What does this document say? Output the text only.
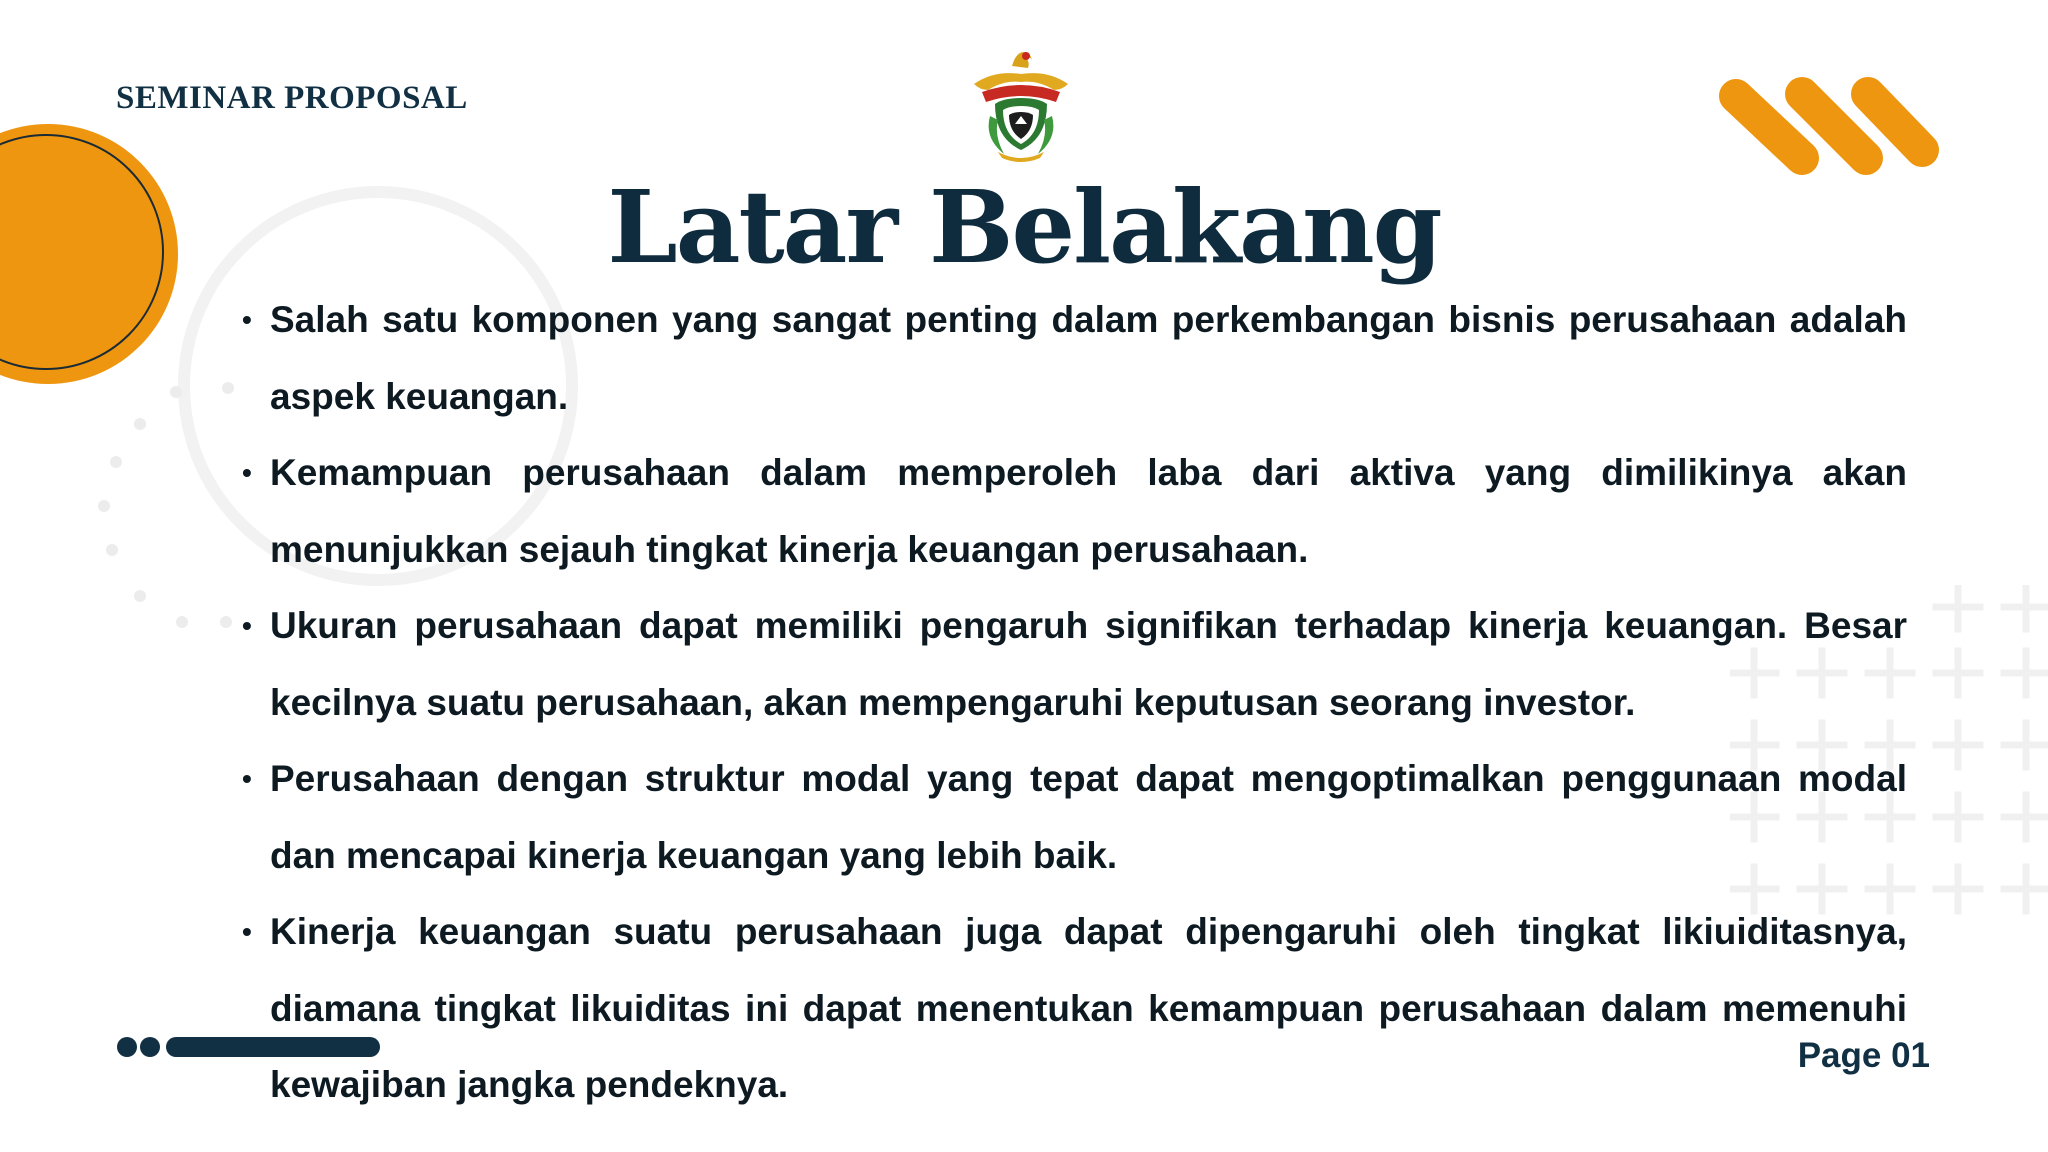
SEMINAR PROPOSAL
Latar Belakang
• Salah satu komponen yang sangat penting dalam perkembangan bisnis perusahaan adalah aspek keuangan.
• Kemampuan perusahaan dalam memperoleh laba dari aktiva yang dimilikinya akan menunjukkan sejauh tingkat kinerja keuangan perusahaan.
• Ukuran perusahaan dapat memiliki pengaruh signifikan terhadap kinerja keuangan. Besar kecilnya suatu perusahaan, akan mempengaruhi keputusan seorang investor.
• Perusahaan dengan struktur modal yang tepat dapat mengoptimalkan penggunaan modal dan mencapai kinerja keuangan yang lebih baik.
• Kinerja keuangan suatu perusahaan juga dapat dipengaruhi oleh tingkat likiuiditasnya, diamana tingkat likuiditas ini dapat menentukan kemampuan perusahaan dalam memenuhi kewajiban jangka pendeknya.
Page 01
